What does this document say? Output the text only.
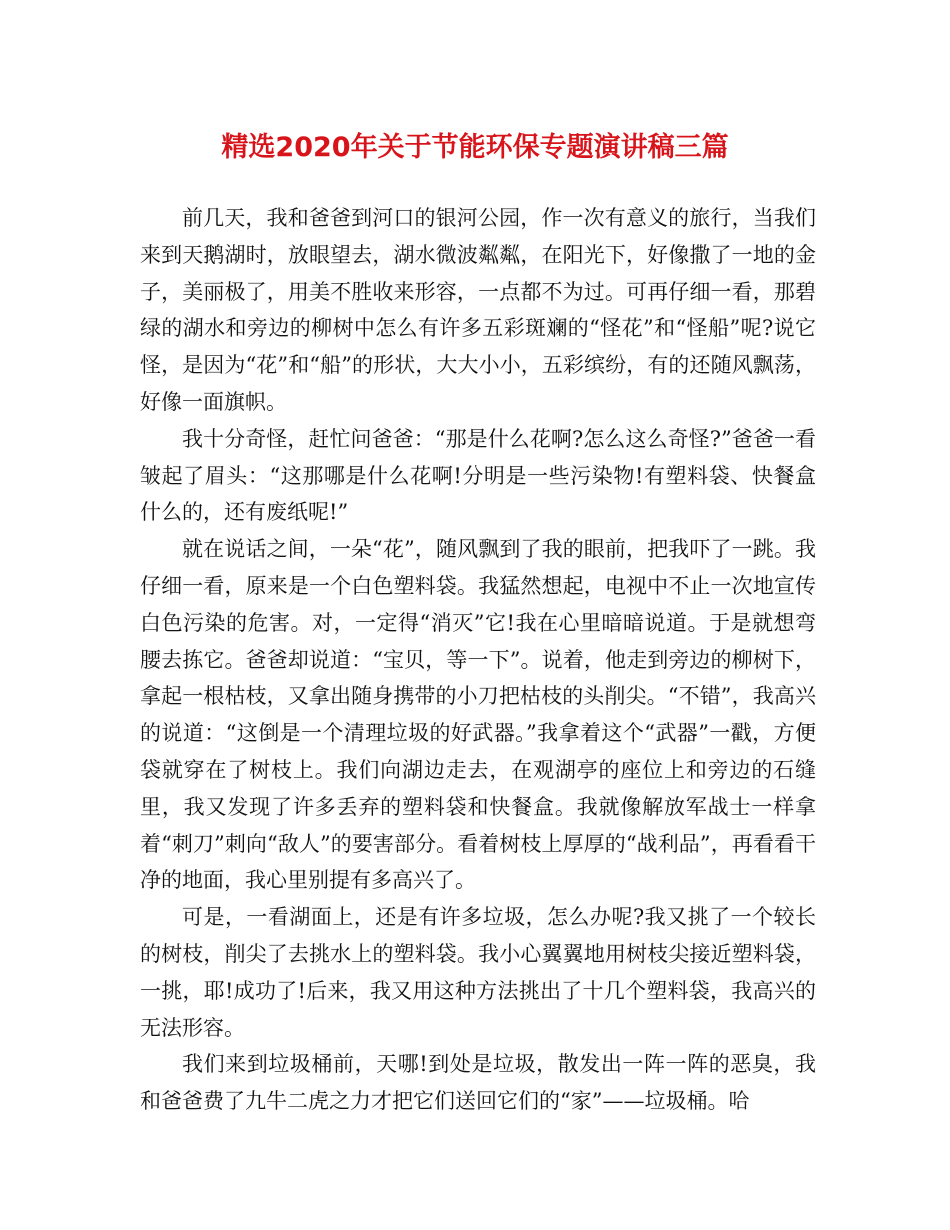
精选2020年关于节能环保专题演讲稿三篇

前几天，我和爸爸到河口的银河公园，作一次有意义的旅行，当我们来到天鹅湖时，放眼望去，湖水微波粼粼，在阳光下，好像撒了一地的金子，美丽极了，用美不胜收来形容，一点都不为过。可再仔细一看，那碧绿的湖水和旁边的柳树中怎么有许多五彩斑斓的“怪花”和“怪船”呢?说它怪，是因为“花”和“船”的形状，大大小小，五彩缤纷，有的还随风飘荡，好像一面旗帜。

我十分奇怪，赶忙问爸爸：“那是什么花啊?怎么这么奇怪?”爸爸一看皱起了眉头：“这那哪是什么花啊!分明是一些污染物!有塑料袋、快餐盒什么的，还有废纸呢!”

就在说话之间，一朵“花”，随风飘到了我的眼前，把我吓了一跳。我仔细一看，原来是一个白色塑料袋。我猛然想起，电视中不止一次地宣传白色污染的危害。对，一定得“消灭”它!我在心里暗暗说道。于是就想弯腰去拣它。爸爸却说道：“宝贝，等一下”。说着，他走到旁边的柳树下，拿起一根枯枝，又拿出随身携带的小刀把枯枝的头削尖。“不错”，我高兴的说道：“这倒是一个清理垃圾的好武器。”我拿着这个“武器”一戳，方便袋就穿在了树枝上。我们向湖边走去，在观湖亭的座位上和旁边的石缝里，我又发现了许多丢弃的塑料袋和快餐盒。我就像解放军战士一样拿着“刺刀”刺向“敌人”的要害部分。看着树枝上厚厚的“战利品”，再看看干净的地面，我心里别提有多高兴了。

可是，一看湖面上，还是有许多垃圾，怎么办呢?我又挑了一个较长的树枝，削尖了去挑水上的塑料袋。我小心翼翼地用树枝尖接近塑料袋，一挑，耶!成功了!后来，我又用这种方法挑出了十几个塑料袋，我高兴的无法形容。

我们来到垃圾桶前，天哪!到处是垃圾，散发出一阵一阵的恶臭，我和爸爸费了九牛二虎之力才把它们送回它们的“家”——垃圾桶。哈
